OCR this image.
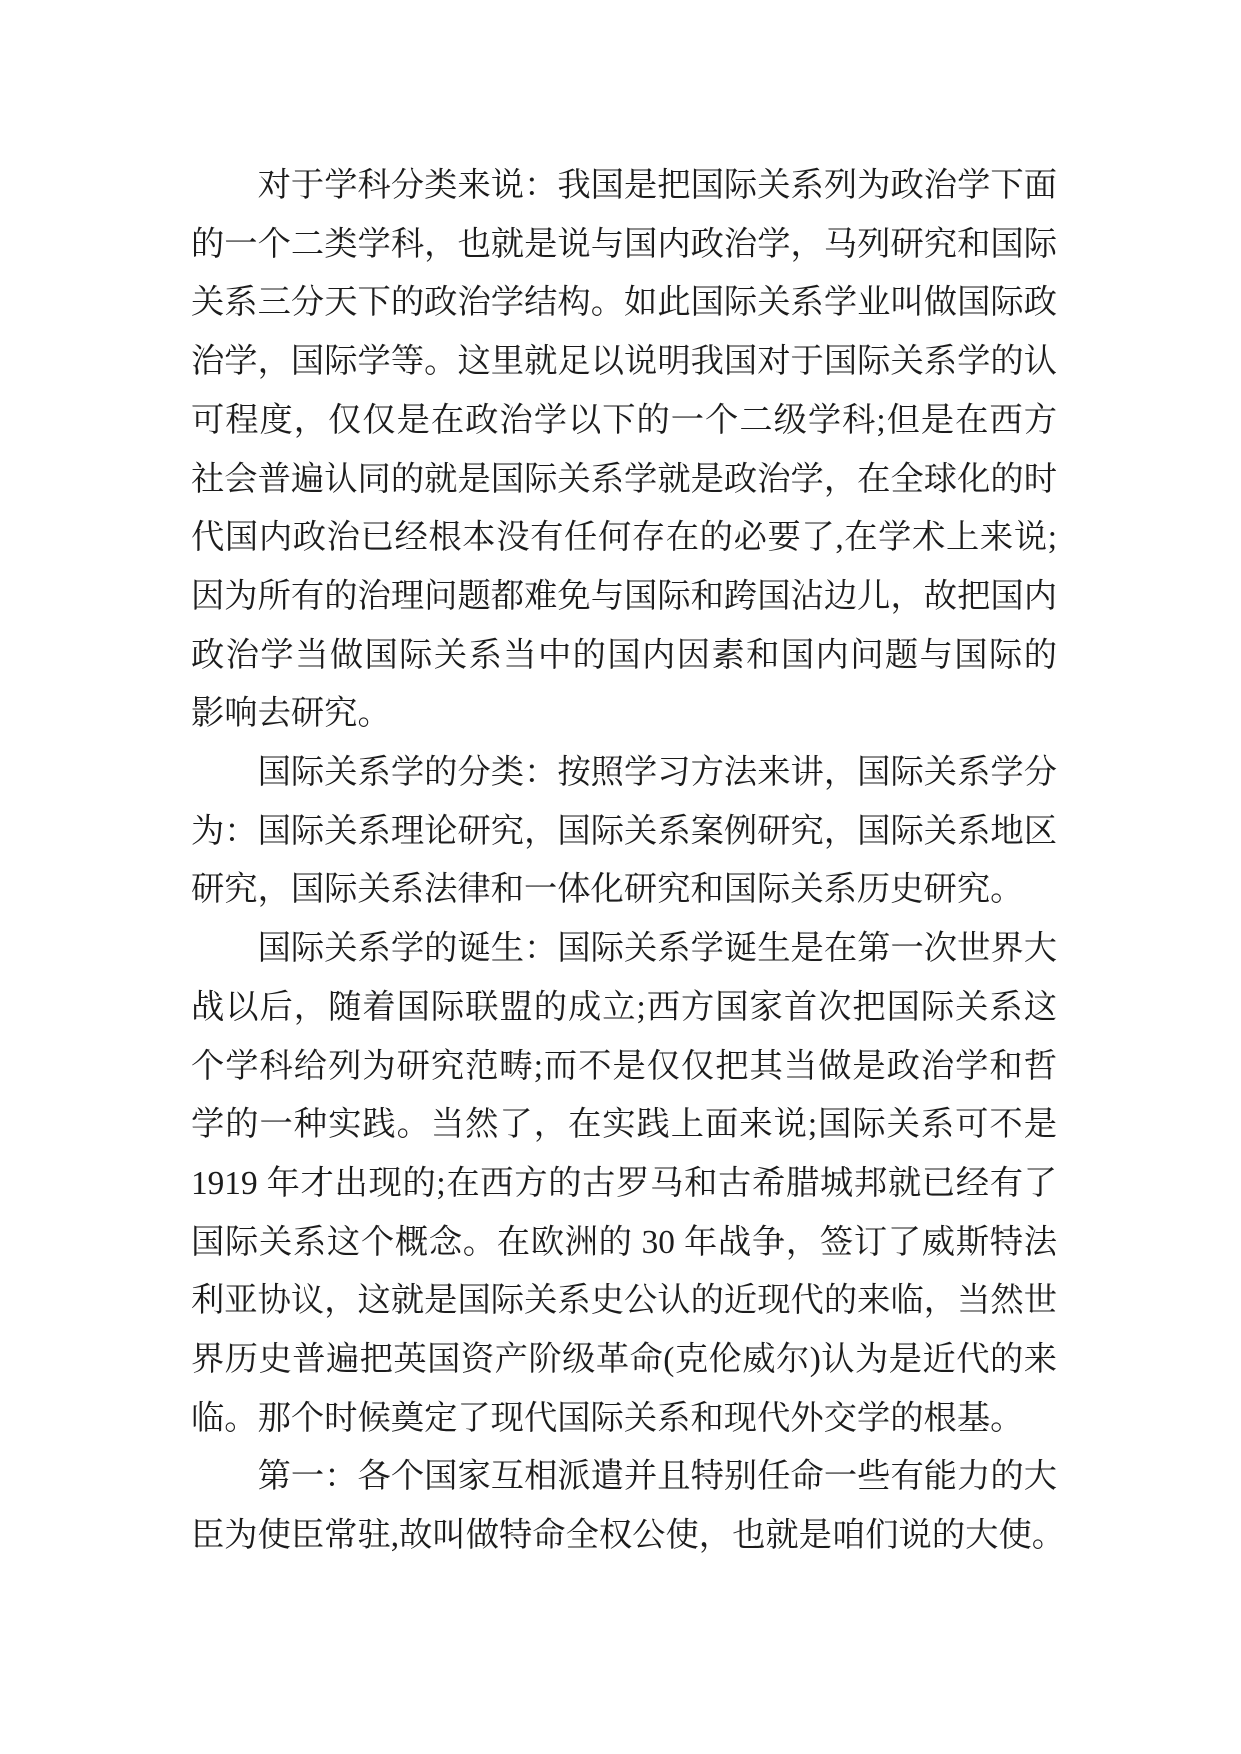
对于学科分类来说：我国是把国际关系列为政治学下面
的一个二类学科，也就是说与国内政治学，马列研究和国际
关系三分天下的政治学结构。如此国际关系学业叫做国际政
治学，国际学等。这里就足以说明我国对于国际关系学的认
可程度，仅仅是在政治学以下的一个二级学科;但是在西方
社会普遍认同的就是国际关系学就是政治学，在全球化的时
代国内政治已经根本没有任何存在的必要了,在学术上来说;
因为所有的治理问题都难免与国际和跨国沾边儿，故把国内
政治学当做国际关系当中的国内因素和国内问题与国际的
影响去研究。
国际关系学的分类：按照学习方法来讲，国际关系学分
为：国际关系理论研究，国际关系案例研究，国际关系地区
研究，国际关系法律和一体化研究和国际关系历史研究。
国际关系学的诞生：国际关系学诞生是在第一次世界大
战以后，随着国际联盟的成立;西方国家首次把国际关系这
个学科给列为研究范畴;而不是仅仅把其当做是政治学和哲
学的一种实践。当然了，在实践上面来说;国际关系可不是
1919 年才出现的;在西方的古罗马和古希腊城邦就已经有了
国际关系这个概念。在欧洲的 30 年战争，签订了威斯特法
利亚协议，这就是国际关系史公认的近现代的来临，当然世
界历史普遍把英国资产阶级革命(克伦威尔)认为是近代的来
临。那个时候奠定了现代国际关系和现代外交学的根基。
第一：各个国家互相派遣并且特别任命一些有能力的大
臣为使臣常驻,故叫做特命全权公使，也就是咱们说的大使。
